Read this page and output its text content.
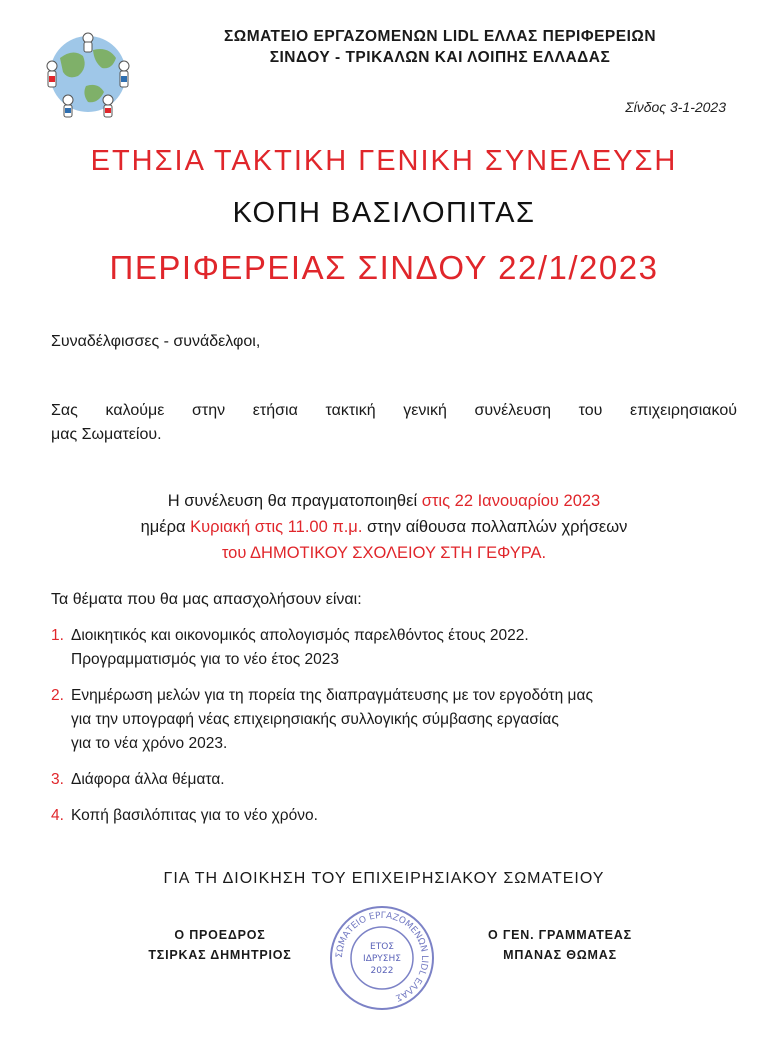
ΣΩΜΑΤΕΙΟ ΕΡΓΑΖΟΜΕΝΩΝ LIDL ΕΛΛΑΣ ΠΕΡΙΦΕΡΕΙΩΝ
ΣΙΝΔΟΥ - ΤΡΙΚΑΛΩΝ ΚΑΙ ΛΟΙΠΗΣ ΕΛΛΑΔΑΣ
Σίνδος 3-1-2023
ΕΤΗΣΙΑ ΤΑΚΤΙΚΗ ΓΕΝΙΚΗ ΣΥΝΕΛΕΥΣΗ
ΚΟΠΗ ΒΑΣΙΛΟΠΙΤΑΣ
ΠΕΡΙΦΕΡΕΙΑΣ ΣΙΝΔΟΥ 22/1/2023
Συναδέλφισσες - συνάδελφοι,
Σας καλούμε στην ετήσια τακτική γενική συνέλευση του επιχειρησιακού
μας Σωματείου.
Η συνέλευση θα πραγματοποιηθεί στις 22 Ιανουαρίου 2023
ημέρα Κυριακή στις 11.00 π.μ. στην αίθουσα πολλαπλών χρήσεων
του ΔΗΜΟΤΙΚΟΥ ΣΧΟΛΕΙΟΥ ΣΤΗ ΓΕΦΥΡΑ.
Τα θέματα που θα μας απασχολήσουν είναι:
1. Διοικητικός και οικονομικός απολογισμός παρελθόντος έτους 2022.
Προγραμματισμός για το νέο έτος 2023
2. Ενημέρωση μελών για τη πορεία της διαπραγμάτευσης με τον εργοδότη μας
για την υπογραφή νέας επιχειρησιακής συλλογικής σύμβασης εργασίας
για το νέα χρόνο 2023.
3. Διάφορα άλλα θέματα.
4. Κοπή βασιλόπιτας για το νέο χρόνο.
ΓΙΑ ΤΗ ΔΙΟΙΚΗΣΗ ΤΟΥ ΕΠΙΧΕΙΡΗΣΙΑΚΟΥ ΣΩΜΑΤΕΙΟΥ
Ο ΠΡΟΕΔΡΟΣ
ΤΣΙΡΚΑΣ ΔΗΜΗΤΡΙΟΣ	ΣΩΜΑΤΕΙΟ ΕΡΓΑΖΟΜΕΝΩΝ LIDL ΕΛΛΑΣ
ΕΤΟΣ
ΙΔΡΥΣΗΣ
2022
Ο ΓΕΝ. ΓΡΑΜΜΑΤΕΑΣ
ΜΠΑΝΑΣ ΘΩΜΑΣ
